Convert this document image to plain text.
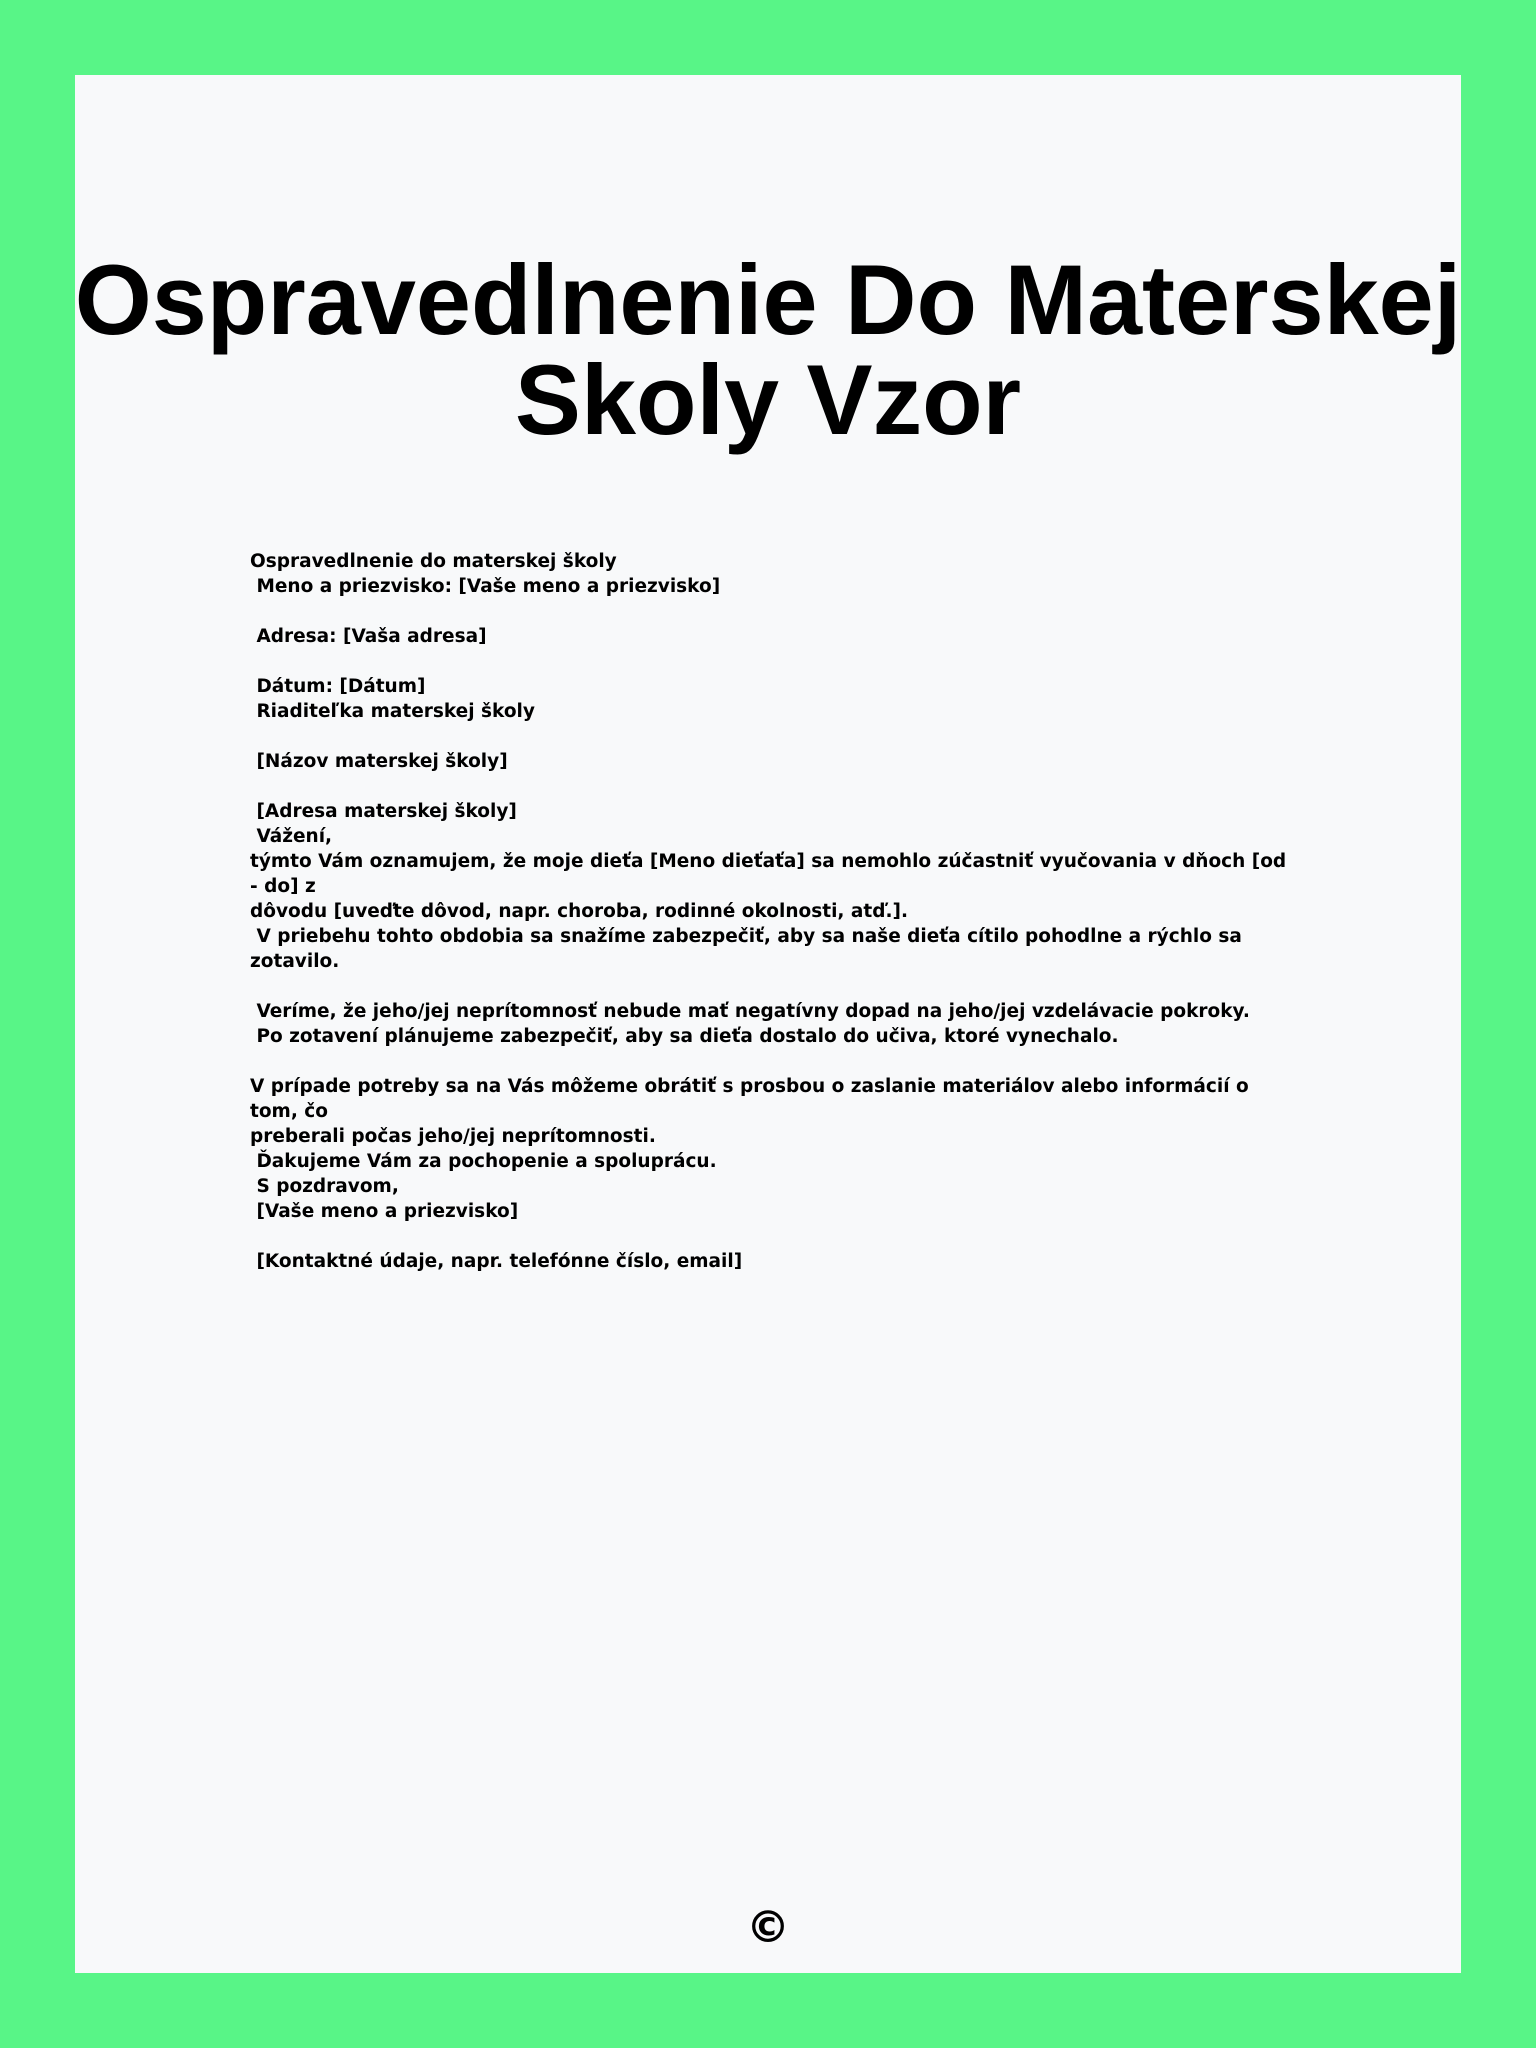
Ospravedlnenie Do Materskej
Skoly Vzor
Ospravedlnenie do materskej školy
Meno a priezvisko: [Vaše meno a priezvisko]
Adresa: [Vaša adresa]
Dátum: [Dátum]
Riaditeľka materskej školy
[Názov materskej školy]
[Adresa materskej školy]
Vážení,
týmto Vám oznamujem, že moje dieťa [Meno dieťaťa] sa nemohlo zúčastniť vyučovania v dňoch [od - do] z
dôvodu [uveďte dôvod, napr. choroba, rodinné okolnosti, atď.].
V priebehu tohto obdobia sa snažíme zabezpečiť, aby sa naše dieťa cítilo pohodlne a rýchlo sa zotavilo.
Veríme, že jeho/jej neprítomnosť nebude mať negatívny dopad na jeho/jej vzdelávacie pokroky.
Po zotavení plánujeme zabezpečiť, aby sa dieťa dostalo do učiva, ktoré vynechalo.
V prípade potreby sa na Vás môžeme obrátiť s prosbou o zaslanie materiálov alebo informácií o tom, čo
preberali počas jeho/jej neprítomnosti.
Ďakujeme Vám za pochopenie a spoluprácu.
S pozdravom,
[Vaše meno a priezvisko]
[Kontaktné údaje, napr. telefónne číslo, email]
©
